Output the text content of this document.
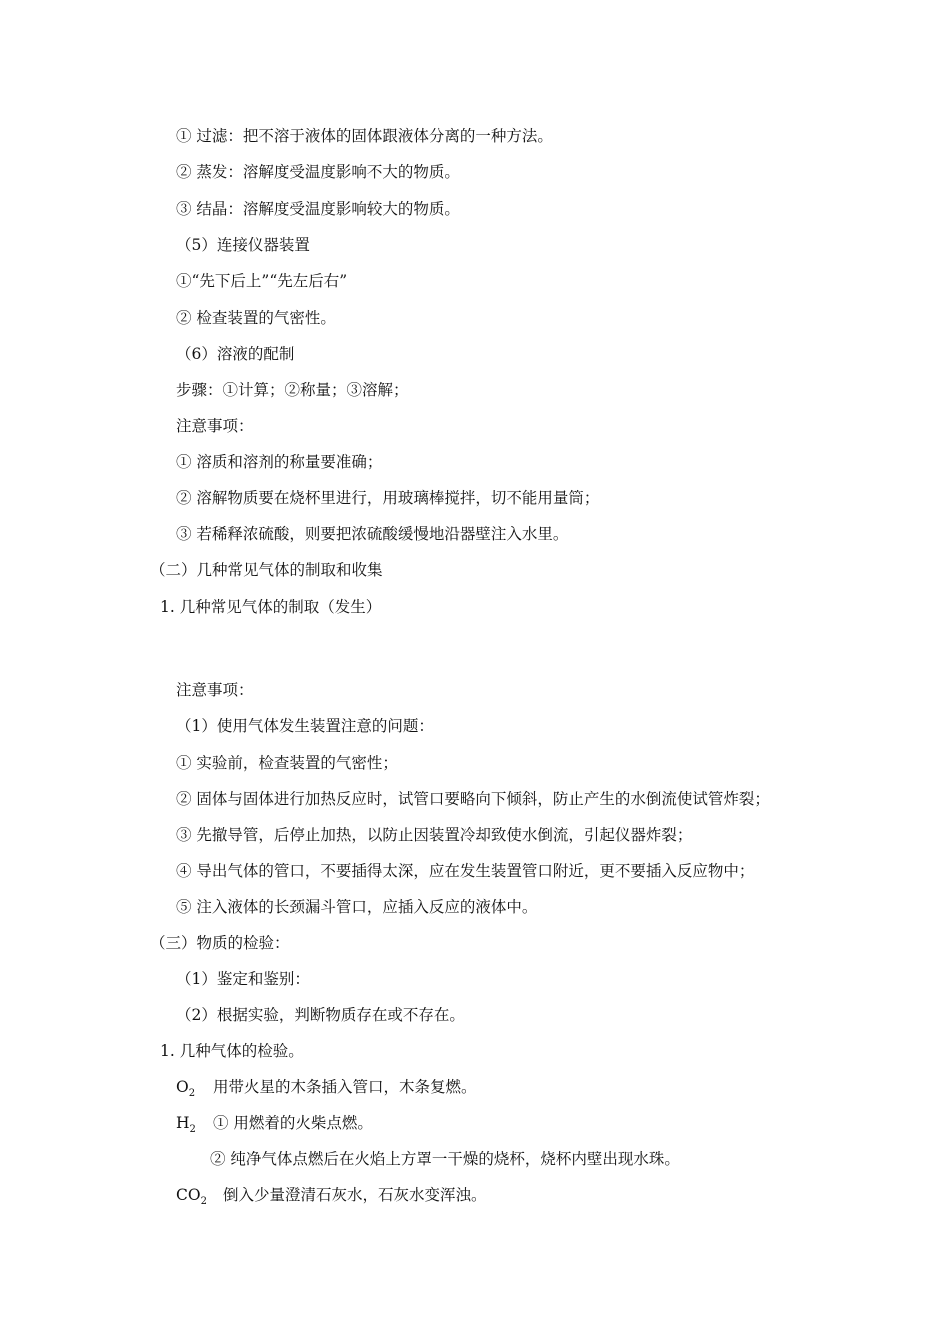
① 过滤：把不溶于液体的固体跟液体分离的一种方法。
② 蒸发：溶解度受温度影响不大的物质。
③ 结晶：溶解度受温度影响较大的物质。
（5）连接仪器装置
①“先下后上”“先左后右”
② 检查装置的气密性。
（6）溶液的配制
步骤：①计算；②称量；③溶解；
注意事项：
① 溶质和溶剂的称量要准确；
② 溶解物质要在烧杯里进行，用玻璃棒搅拌，切不能用量筒；
③ 若稀释浓硫酸，则要把浓硫酸缓慢地沿器壁注入水里。
（二）几种常见气体的制取和收集
1. 几种常见气体的制取（发生）
注意事项：
（1）使用气体发生装置注意的问题：
① 实验前，检查装置的气密性；
② 固体与固体进行加热反应时，试管口要略向下倾斜，防止产生的水倒流使试管炸裂；
③ 先撤导管，后停止加热，以防止因装置冷却致使水倒流，引起仪器炸裂；
④ 导出气体的管口，不要插得太深，应在发生装置管口附近，更不要插入反应物中；
⑤ 注入液体的长颈漏斗管口，应插入反应的液体中。
（三）物质的检验：
（1）鉴定和鉴别：
（2）根据实验，判断物质存在或不存在。
1. 几种气体的检验。
$O_2$ 用带火星的木条插入管口，木条复燃。
$H_2$ ① 用燃着的火柴点燃。
② 纯净气体点燃后在火焰上方罩一干燥的烧杯，烧杯内壁出现水珠。
$CO_2$ 倒入少量澄清石灰水，石灰水变浑浊。
